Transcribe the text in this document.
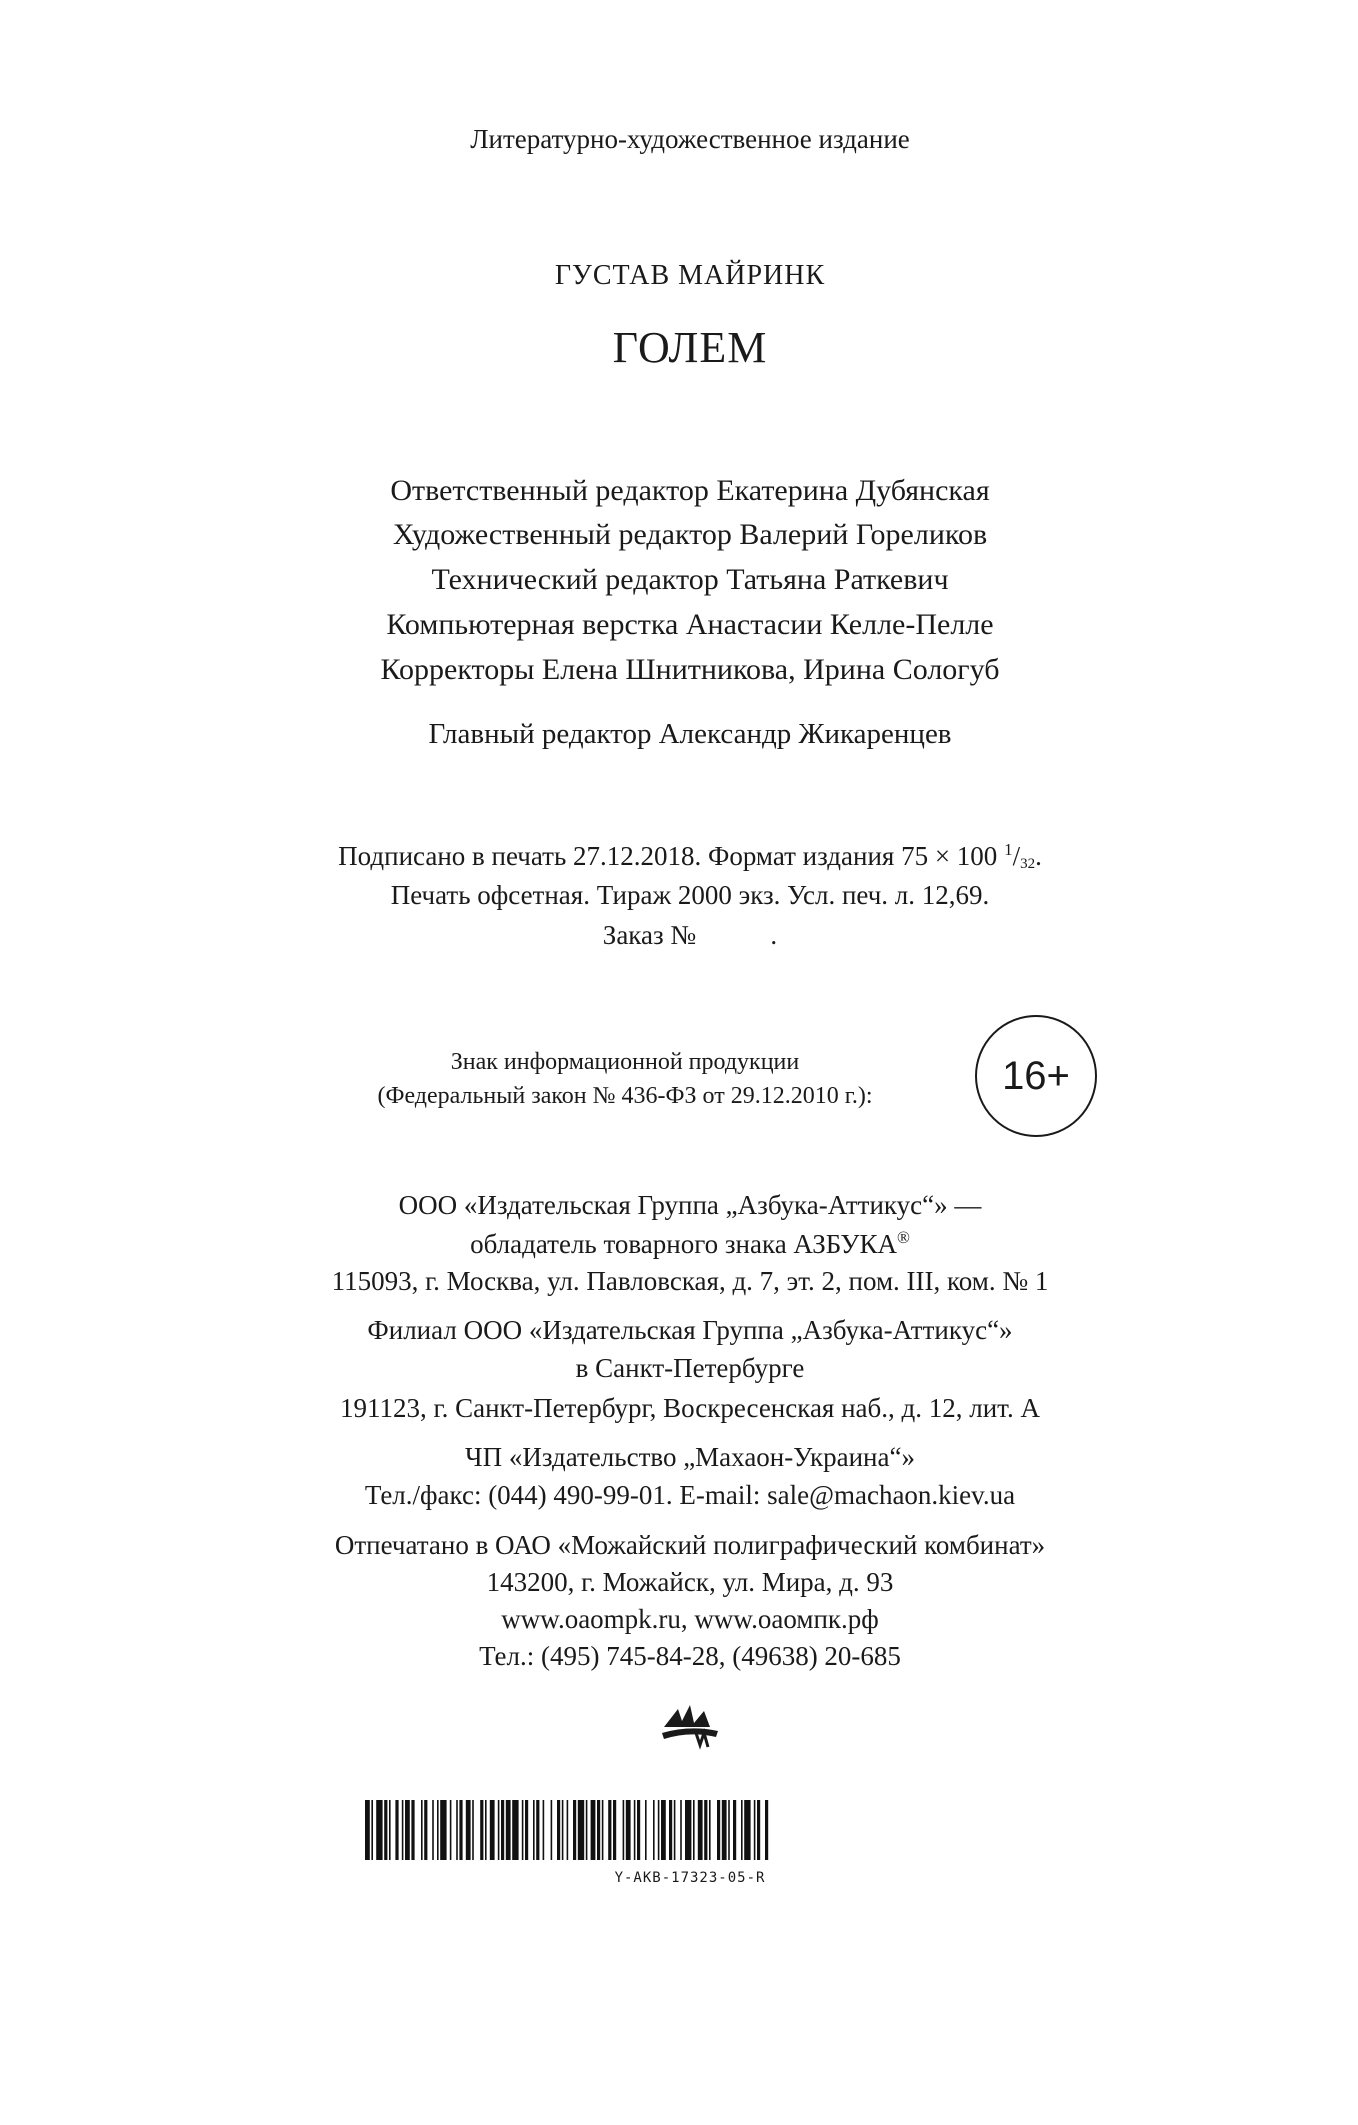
Литературно-художественное издание
ГУСТАВ МАЙРИНК
ГОЛЕМ
Ответственный редактор Екатерина Дубянская
Художественный редактор Валерий Гореликов
Технический редактор Татьяна Раткевич
Компьютерная верстка Анастасии Келле-Пелле
Корректоры Елена Шнитникова, Ирина Сологуб
Главный редактор Александр Жикаренцев
Подписано в печать 27.12.2018. Формат издания 75 × 100 $^1/_{32}$.
Печать офсетная. Тираж 2000 экз. Усл. печ. л. 12,69.
Заказ №           .
Знак информационной продукции
(Федеральный закон № 436-ФЗ от 29.12.2010 г.):	16+
ООО «Издательская Группа „Азбука-Аттикус“» —
обладатель товарного знака АЗБУКА®
115093, г. Москва, ул. Павловская, д. 7, эт. 2, пом. III, ком. № 1
Филиал ООО «Издательская Группа „Азбука-Аттикус“»
в Санкт-Петербурге
191123, г. Санкт-Петербург, Воскресенская наб., д. 12, лит. А
ЧП «Издательство „Махаон-Украина“»
Тел./факс: (044) 490-99-01. E-mail: sale@machaon.kiev.ua
Отпечатано в ОАО «Можайский полиграфический комбинат»
143200, г. Можайск, ул. Мира, д. 93
www.oaompk.ru, www.оаомпк.рф
Тел.: (495) 745-84-28, (49638) 20-685
Y-AKB-17323-05-R
